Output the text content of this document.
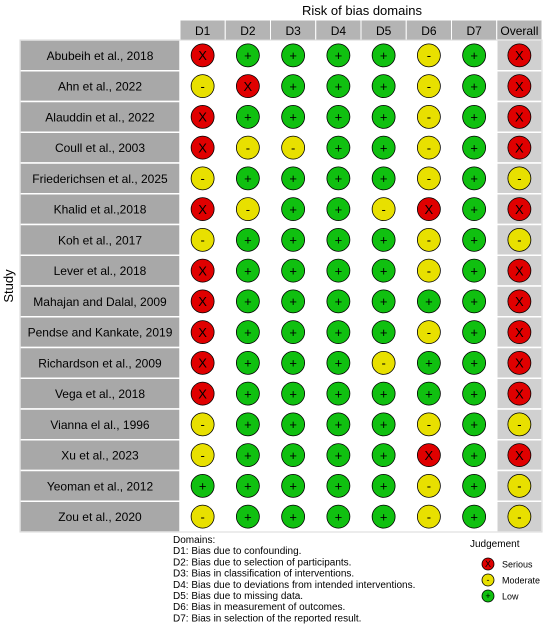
Risk of bias domains
Study
D1 D2 D3 D4 D5 D6 D7 Overall
Abubeih et al., 2018	X	+	+	+	+	-	+	X
Ahn et al., 2022	-	X	+	+	+	-	+	X
Alauddin et al., 2022	X	+	+	+	+	-	+	X
Coull et al., 2003	X	-	-	+	+	-	+	X
Friederichsen et al., 2025	-	+	+	+	+	-	+	-
Khalid et al.,2018	X	-	+	+	-	X	+	X
Koh et al., 2017	-	+	+	+	+	-	+	-
Lever et al., 2018	X	+	+	+	+	-	+	X
Mahajan and Dalal, 2009 X	+	+	+	+	+	+	X
Pendse and Kankate, 2019 X	+	+	+	+	-	+	X
Richardson et al., 2009	X	+	+	+	-	+	+	X
Vega et al., 2018	X	+	+	+	+	+	+	X
Vianna el al., 1996	-	+	+	+	+	-	+	-
Xu et al., 2023	-	+	+	+	+	X	+	X
Yeoman et al., 2012	+	+	+	+	+	-	+	-
Zou et al., 2020	-	+	+	+	+	-	+	-
Domains:
D1: Bias due to confounding.
D2: Bias due to selection of participants.
D3: Bias in classification of interventions.
D4: Bias due to deviations from intended interventions.
D5: Bias due to missing data.
D6: Bias in measurement of outcomes.
D7: Bias in selection of the reported result.
Judgement
X Serious
- Moderate
+ Low
